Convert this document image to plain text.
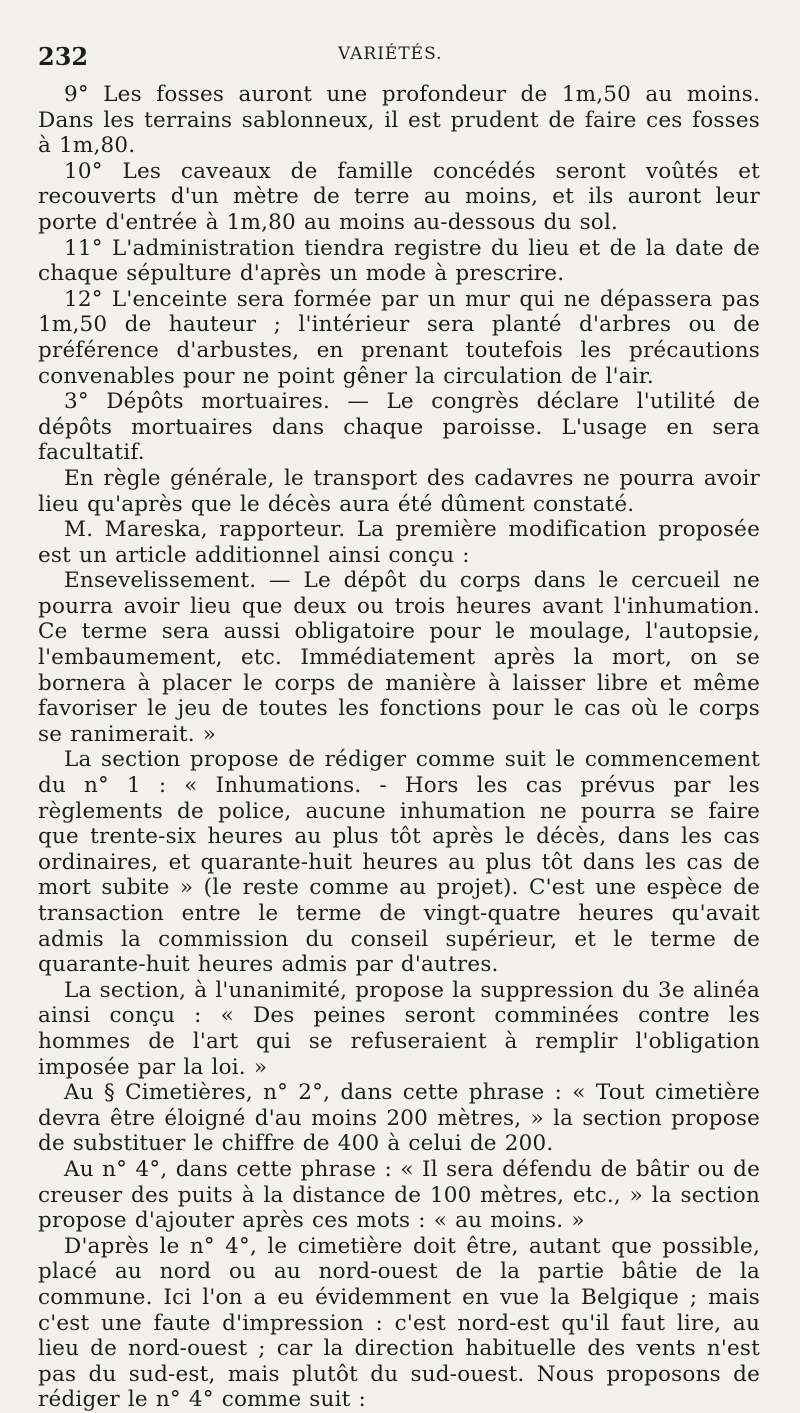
232	VARIÉTÉS.

9° Les fosses auront une profondeur de 1m,50 au moins. Dans les terrains sablonneux, il est prudent de faire ces fosses à 1m,80.

10° Les caveaux de famille concédés seront voûtés et recouverts d'un mètre de terre au moins, et ils auront leur porte d'entrée à 1m,80 au moins au-dessous du sol.

11° L'administration tiendra registre du lieu et de la date de chaque sépulture d'après un mode à prescrire.

12° L'enceinte sera formée par un mur qui ne dépassera pas 1m,50 de hauteur ; l'intérieur sera planté d'arbres ou de préférence d'arbustes, en prenant toutefois les précautions convenables pour ne point gêner la circulation de l'air.

3° Dépôts mortuaires. — Le congrès déclare l'utilité de dépôts mortuaires dans chaque paroisse. L'usage en sera facultatif.

En règle générale, le transport des cadavres ne pourra avoir lieu qu'après que le décès aura été dûment constaté.

M. Mareska, rapporteur. La première modification proposée est un article additionnel ainsi conçu :

Ensevelissement. — Le dépôt du corps dans le cercueil ne pourra avoir lieu que deux ou trois heures avant l'inhumation. Ce terme sera aussi obligatoire pour le moulage, l'autopsie, l'embaumement, etc. Immédiatement après la mort, on se bornera à placer le corps de manière à laisser libre et même favoriser le jeu de toutes les fonctions pour le cas où le corps se ranimerait. »

La section propose de rédiger comme suit le commencement du n° 1 : « Inhumations. - Hors les cas prévus par les règlements de police, aucune inhumation ne pourra se faire que trente-six heures au plus tôt après le décès, dans les cas ordinaires, et quarante-huit heures au plus tôt dans les cas de mort subite » (le reste comme au projet). C'est une espèce de transaction entre le terme de vingt-quatre heures qu'avait admis la commission du conseil supérieur, et le terme de quarante-huit heures admis par d'autres.

La section, à l'unanimité, propose la suppression du 3e alinéa ainsi conçu : « Des peines seront comminées contre les hommes de l'art qui se refuseraient à remplir l'obligation imposée par la loi. »

Au § Cimetières, n° 2°, dans cette phrase : « Tout cimetière devra être éloigné d'au moins 200 mètres, » la section propose de substituer le chiffre de 400 à celui de 200.

Au n° 4°, dans cette phrase : « Il sera défendu de bâtir ou de creuser des puits à la distance de 100 mètres, etc., » la section propose d'ajouter après ces mots : « au moins. »

D'après le n° 4°, le cimetière doit être, autant que possible, placé au nord ou au nord-ouest de la partie bâtie de la commune. Ici l'on a eu évidemment en vue la Belgique ; mais c'est une faute d'impression : c'est nord-est qu'il faut lire, au lieu de nord-ouest ; car la direction habituelle des vents n'est pas du sud-est, mais plutôt du sud-ouest. Nous proposons de rédiger le n° 4° comme suit :
